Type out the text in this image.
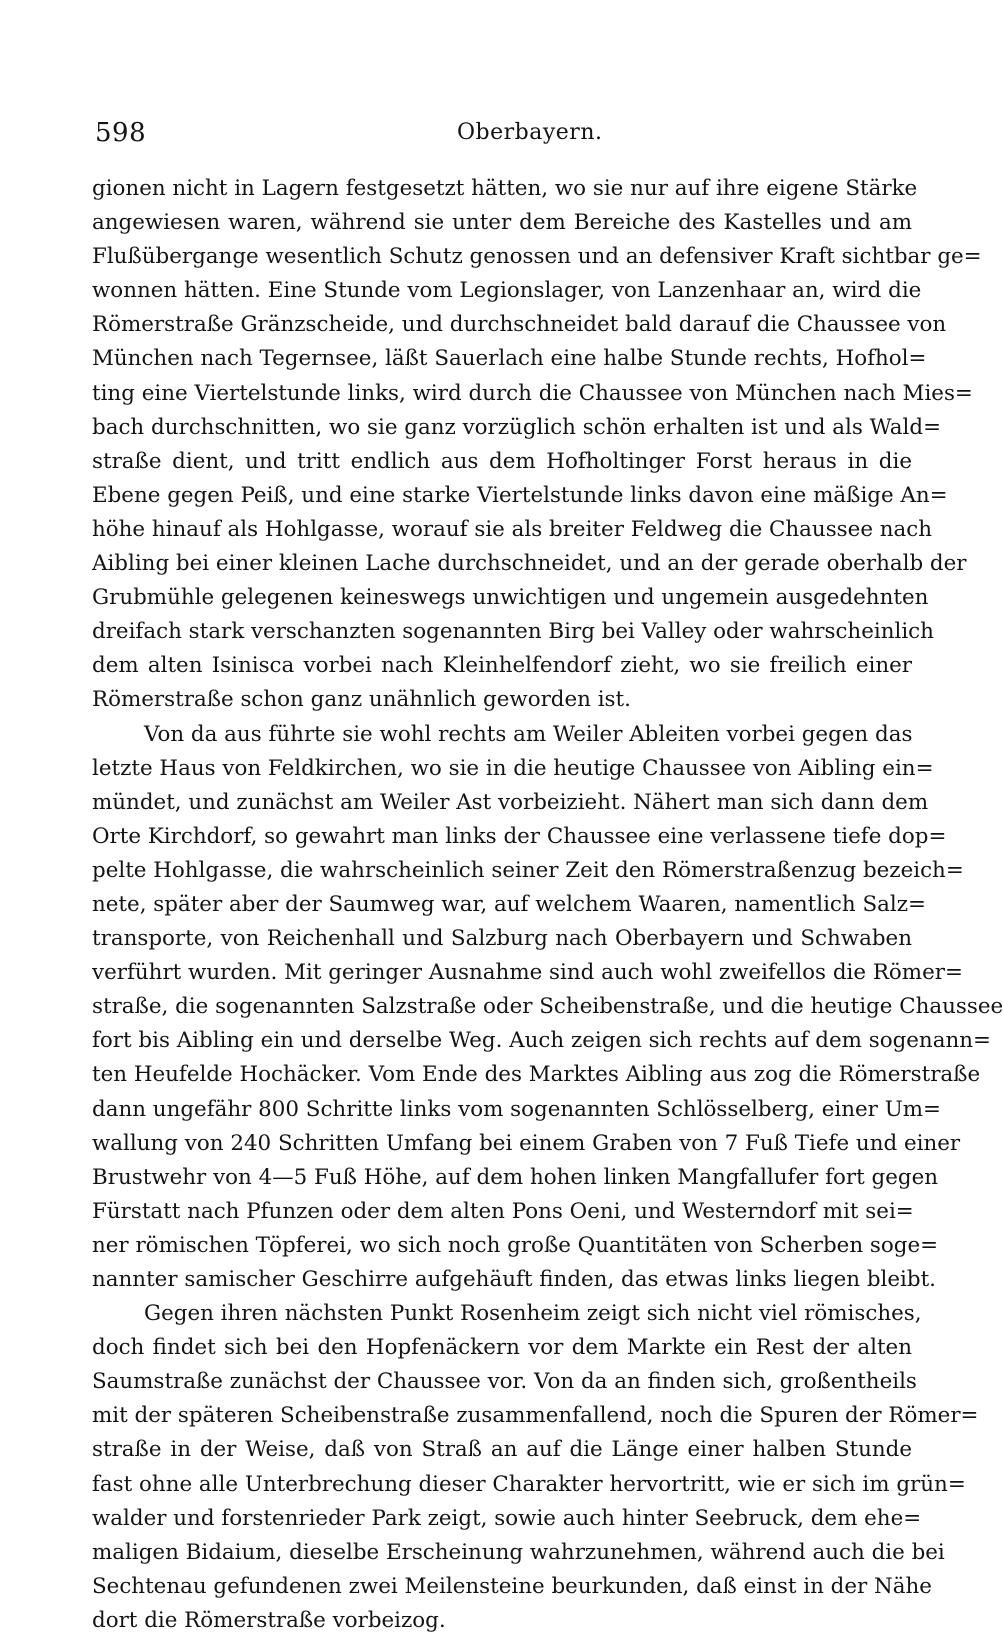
598	Oberbayern.
gionen nicht in Lagern festgesetzt hätten, wo sie nur auf ihre eigene Stärke
angewiesen waren, während sie unter dem Bereiche des Kastelles und am
Flußübergange wesentlich Schutz genossen und an defensiver Kraft sichtbar ge=
wonnen hätten. Eine Stunde vom Legionslager, von Lanzenhaar an, wird die
Römerstraße Gränzscheide, und durchschneidet bald darauf die Chaussee von
München nach Tegernsee, läßt Sauerlach eine halbe Stunde rechts, Hofhol=
ting eine Viertelstunde links, wird durch die Chaussee von München nach Mies=
bach durchschnitten, wo sie ganz vorzüglich schön erhalten ist und als Wald=
straße dient, und tritt endlich aus dem Hofholtinger Forst heraus in die
Ebene gegen Peiß, und eine starke Viertelstunde links davon eine mäßige An=
höhe hinauf als Hohlgasse, worauf sie als breiter Feldweg die Chaussee nach
Aibling bei einer kleinen Lache durchschneidet, und an der gerade oberhalb der
Grubmühle gelegenen keineswegs unwichtigen und ungemein ausgedehnten
dreifach stark verschanzten sogenannten Birg bei Valley oder wahrscheinlich
dem alten Isinisca vorbei nach Kleinhelfendorf zieht, wo sie freilich einer
Römerstraße schon ganz unähnlich geworden ist.
Von da aus führte sie wohl rechts am Weiler Ableiten vorbei gegen das
letzte Haus von Feldkirchen, wo sie in die heutige Chaussee von Aibling ein=
mündet, und zunächst am Weiler Ast vorbeizieht. Nähert man sich dann dem
Orte Kirchdorf, so gewahrt man links der Chaussee eine verlassene tiefe dop=
pelte Hohlgasse, die wahrscheinlich seiner Zeit den Römerstraßenzug bezeich=
nete, später aber der Saumweg war, auf welchem Waaren, namentlich Salz=
transporte, von Reichenhall und Salzburg nach Oberbayern und Schwaben
verführt wurden. Mit geringer Ausnahme sind auch wohl zweifellos die Römer=
straße, die sogenannten Salzstraße oder Scheibenstraße, und die heutige Chaussee
fort bis Aibling ein und derselbe Weg. Auch zeigen sich rechts auf dem sogenann=
ten Heufelde Hochäcker. Vom Ende des Marktes Aibling aus zog die Römerstraße
dann ungefähr 800 Schritte links vom sogenannten Schlösselberg, einer Um=
wallung von 240 Schritten Umfang bei einem Graben von 7 Fuß Tiefe und einer
Brustwehr von 4—5 Fuß Höhe, auf dem hohen linken Mangfallufer fort gegen
Fürstatt nach Pfunzen oder dem alten Pons Oeni, und Westerndorf mit sei=
ner römischen Töpferei, wo sich noch große Quantitäten von Scherben soge=
nannter samischer Geschirre aufgehäuft finden, das etwas links liegen bleibt.
Gegen ihren nächsten Punkt Rosenheim zeigt sich nicht viel römisches,
doch findet sich bei den Hopfenäckern vor dem Markte ein Rest der alten
Saumstraße zunächst der Chaussee vor. Von da an finden sich, großentheils
mit der späteren Scheibenstraße zusammenfallend, noch die Spuren der Römer=
straße in der Weise, daß von Straß an auf die Länge einer halben Stunde
fast ohne alle Unterbrechung dieser Charakter hervortritt, wie er sich im grün=
walder und forstenrieder Park zeigt, sowie auch hinter Seebruck, dem ehe=
maligen Bidaium, dieselbe Erscheinung wahrzunehmen, während auch die bei
Sechtenau gefundenen zwei Meilensteine beurkunden, daß einst in der Nähe
dort die Römerstraße vorbeizog.
